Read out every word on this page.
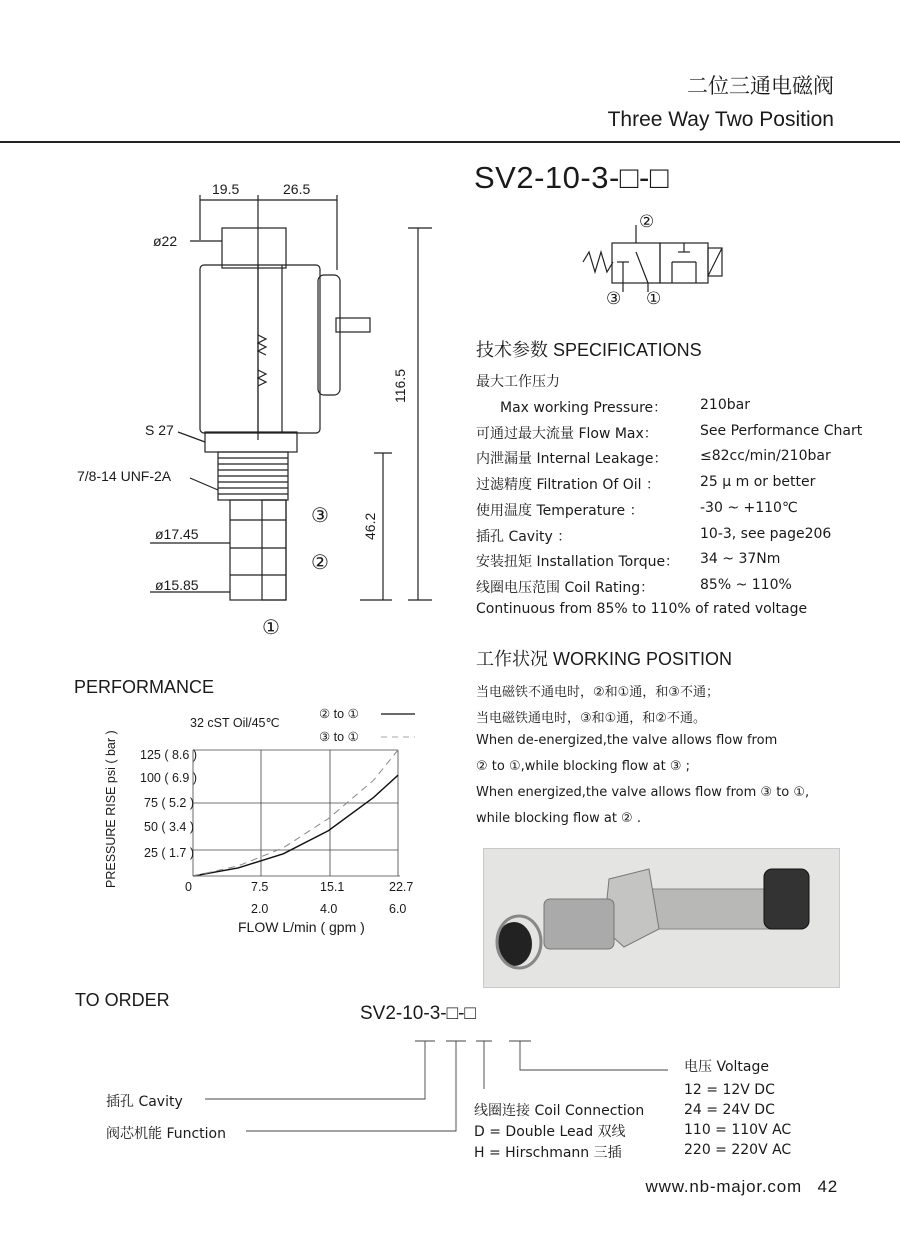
二位三通电磁阀
Three Way Two Position
SV2-10-3-□-□
19.5	26.5
ø22
S 27
7/8-14 UNF-2A
ø17.45
ø15.85
116.5
46.2
③
②
①
②
③ ①
技术参数 SPECIFICATIONS
最大工作压力
Max working Pressure： 210bar
可通过最大流量 Flow Max：	See Performance Chart
内泄漏量 Internal Leakage： ≤82cc/min/210bar
过滤精度 Filtration Of Oil ：	25 μ m or better
使用温度 Temperature ：	-30 ~ +110℃
插孔 Cavity ：	10-3, see page206
安装扭矩 Installation Torque： 34 ~ 37Nm
线圈电压范围 Coil Rating：	85% ~ 110%
Continuous from 85% to 110% of rated voltage
工作状况 WORKING POSITION
当电磁铁不通电时，②和①通，和③不通；
当电磁铁通电时，③和①通，和②不通。
When de-energized,the valve allows flow from
② to ①,while blocking flow at ③ ;
When energized,the valve allows flow from ③ to ①,
while blocking flow at ② .
PERFORMANCE
32 cST Oil/45℃
② to ①
③ to ①
125 ( 8.6 )
100 ( 6.9 )
75 ( 5.2 )
50 ( 3.4 )
25 ( 1.7 )
0	7.5	15.1	22.7
2.0	4.0	6.0
FLOW L/min ( gpm )
PRESSURE RISE psi ( bar )
TO ORDER
SV2-10-3-□-□
电压 Voltage
12 = 12V DC
24 = 24V DC
110 = 110V AC
220 = 220V AC
插孔 Cavity
阀芯机能 Function
线圈连接 Coil Connection
D = Double Lead 双线
H = Hirschmann 三插
www.nb-major.com 42
